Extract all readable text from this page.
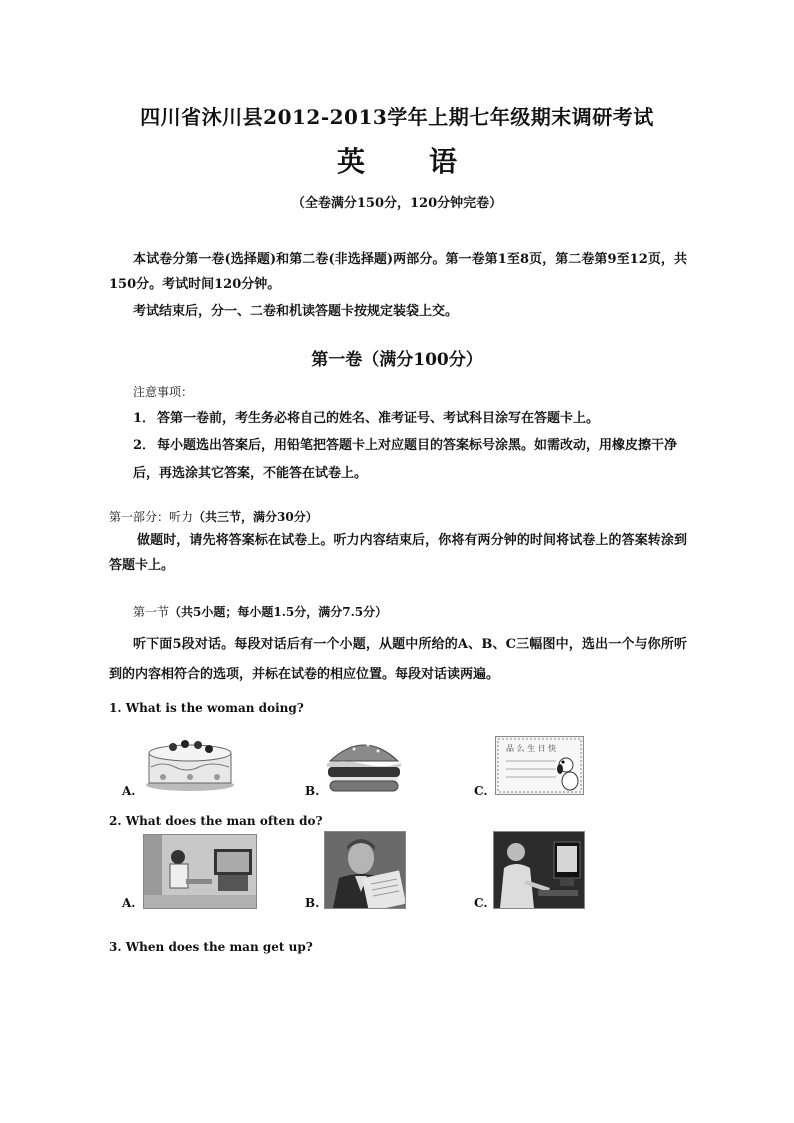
四川省沐川县2012-2013学年上期七年级期末调研考试
英 语
（全卷满分150分，120分钟完卷）
本试卷分第一卷(选择题)和第二卷(非选择题)两部分。第一卷第1至8页，第二卷第9至12页，共150分。考试时间120分钟。
考试结束后，分一、二卷和机读答题卡按规定装袋上交。
第一卷（满分100分）
注意事项：
1． 答第一卷前，考生务必将自己的姓名、准考证号、考试科目涂写在答题卡上。
2． 每小题选出答案后，用铅笔把答题卡上对应题目的答案标号涂黑。如需改动，用橡皮擦干净后，再选涂其它答案，不能答在试卷上。
第一部分：听力（共三节，满分30分）
做题时，请先将答案标在试卷上。听力内容结束后，你将有两分钟的时间将试卷上的答案转涂到答题卡上。
第一节（共5小题；每小题1.5分，满分7.5分）
听下面5段对话。每段对话后有一个小题，从题中所给的A、B、C三幅图中，选出一个与你所听到的内容相符合的选项，并标在试卷的相应位置。每段对话读两遍。
1. What is the woman doing?
A.	B.
品 么 生 日 快
C.
2. What does the man often do?
A.	B.	C.
3. When does the man get up?
